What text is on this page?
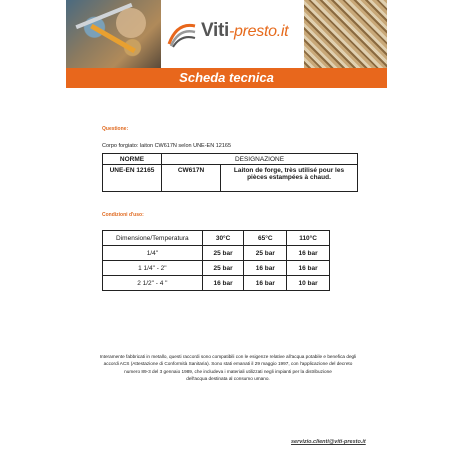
Viti-presto.it
Scheda tecnica
Questione:
Corpo forgiato: laiton CW617N selon UNE-EN 12165
NORME	DESIGNAZIONE	
UNE-EN 12165	CW617N	Laiton de forge, très utilisé pour les pièces estampées à chaud.
Condizioni d'uso:
Dimensione/Temperatura	30°C	65°C	110°C
1/4"	25 bar	25 bar	16 bar
1 1/4" - 2"	25 bar	16 bar	16 bar
2 1/2" - 4 "	16 bar	16 bar	10 bar
Interamente fabbricati in metallo, questi raccordi sono compatibili con le esigenze relative all'acqua potabile e benefica degli
accordi ACS (Attestazione di Conformità Sanitaria). Sono stati emanati il 29 maggio 1997, con l'applicazione del decreto
numero 89-3 del 3 gennaio 1989, che includeva i materiali utilizzati negli impianti per la distribuzione
dell'acqua destinata al consumo umano.
servizio.clienti@viti-presto.it
